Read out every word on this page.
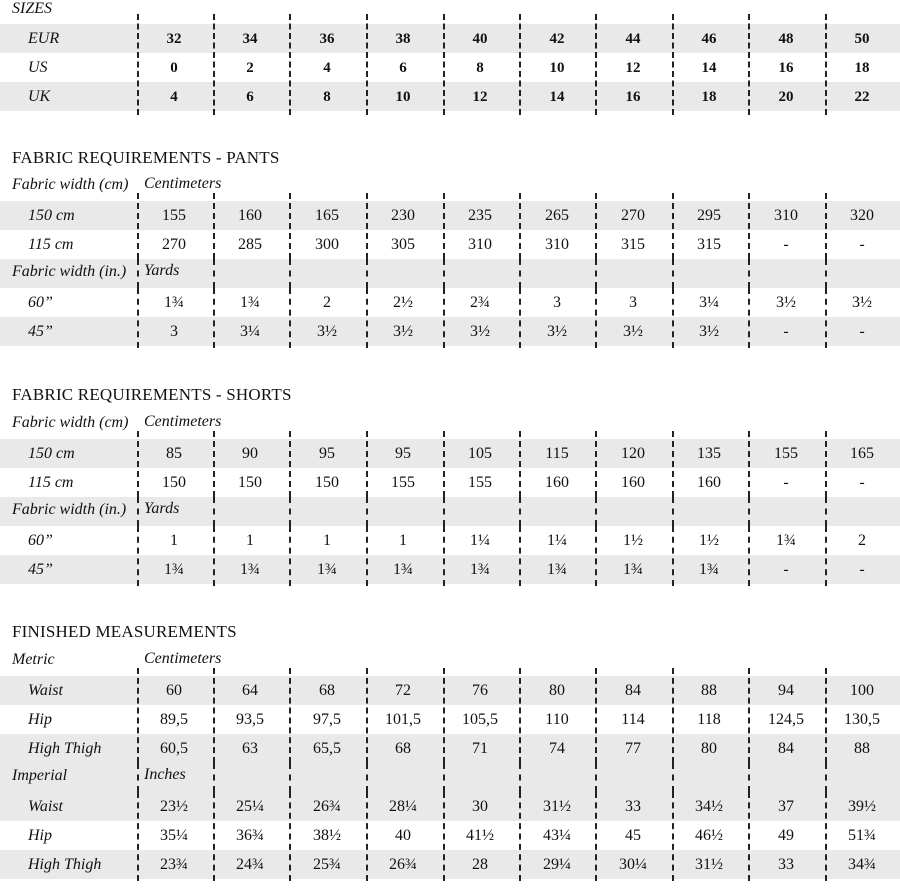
SIZES
EUR	32	34	36	38	40	42	44	46	48	50
US	0	2	4	6	8	10	12	14	16	18
UK	4	6	8	10	12	14	16	18	20	22
FABRIC REQUIREMENTS - PANTS
Fabric width (cm) Centimeters
150 cm	155	160	165	230	235	265	270	295	310	320
115 cm	270	285	300	305	310	310	315	315	-	-
Fabric width (in.) Yards
60”	1¾	1¾	2	2½	2¾	3	3	3¼	3½	3½
45”	3	3¼	3½	3½	3½	3½	3½	3½	-	-
FABRIC REQUIREMENTS - SHORTS
Fabric width (cm) Centimeters
150 cm	85	90	95	95	105	115	120	135	155	165
115 cm	150	150	150	155	155	160	160	160	-	-
Fabric width (in.) Yards
60”	1	1	1	1	1¼	1¼	1½	1½	1¾	2
45”	1¾	1¾	1¾	1¾	1¾	1¾	1¾	1¾	-	-
FINISHED MEASUREMENTS
Metric	Centimeters
Waist	60	64	68	72	76	80	84	88	94	100
Hip	89,5	93,5	97,5	101,5	105,5	110	114	118	124,5	130,5
High Thigh	60,5	63	65,5	68	71	74	77	80	84	88
Imperial	Inches
Waist	23½	25¼	26¾	28¼	30	31½	33	34½	37	39½
Hip	35¼	36¾	38½	40	41½	43¼	45	46½	49	51¾
High Thigh	23¾	24¾	25¾	26¾	28	29¼	30¼	31½	33	34¾
